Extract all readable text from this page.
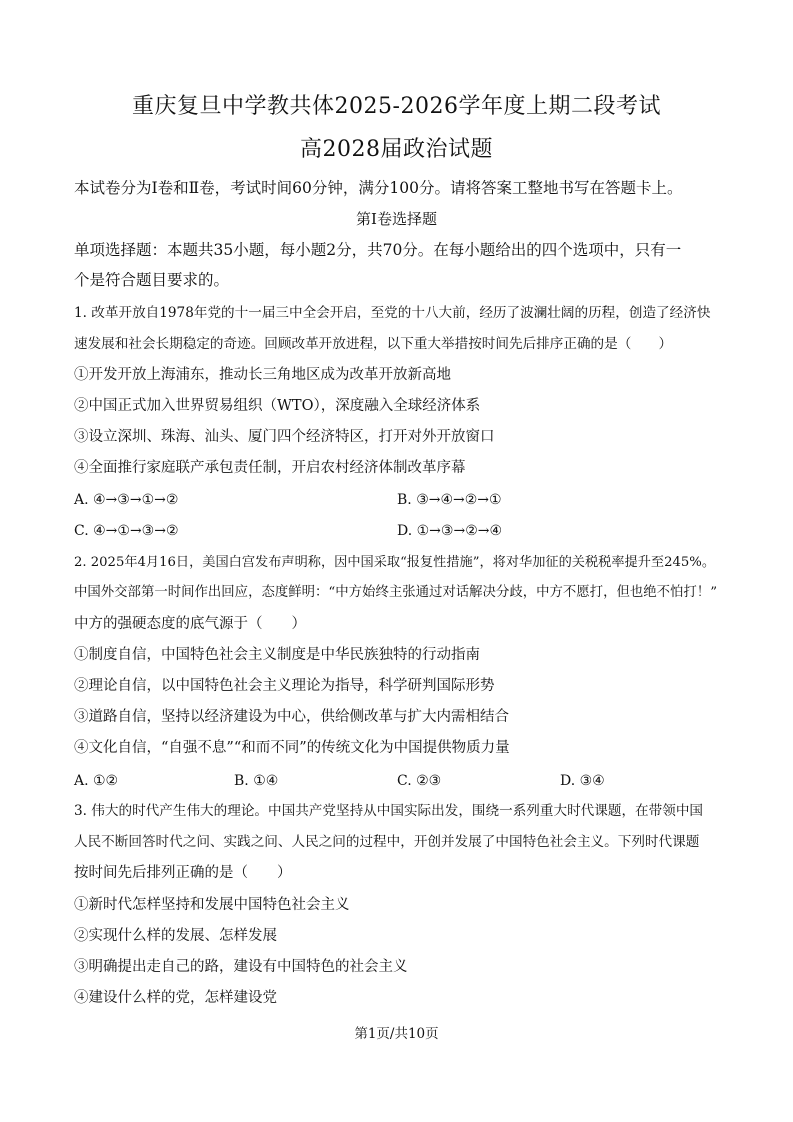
重庆复旦中学教共体2025-2026学年度上期二段考试
高2028届政治试题
本试卷分为Ⅰ卷和Ⅱ卷，考试时间60分钟，满分100分。请将答案工整地书写在答题卡上。
第Ⅰ卷选择题
单项选择题：本题共35小题，每小题2分，共70分。在每小题给出的四个选项中，只有一
个是符合题目要求的。
1. 改革开放自1978年党的十一届三中全会开启，至党的十八大前，经历了波澜壮阔的历程，创造了经济快
速发展和社会长期稳定的奇迹。回顾改革开放进程，以下重大举措按时间先后排序正确的是（　　）
①开发开放上海浦东，推动长三角地区成为改革开放新高地
②中国正式加入世界贸易组织（WTO），深度融入全球经济体系
③设立深圳、珠海、汕头、厦门四个经济特区，打开对外开放窗口
④全面推行家庭联产承包责任制，开启农村经济体制改革序幕
A. ④→③→①→②	B. ③→④→②→①
C. ④→①→③→②	D. ①→③→②→④
2. 2025年4月16日，美国白宫发布声明称，因中国采取“报复性措施”，将对华加征的关税税率提升至245%。
中国外交部第一时间作出回应，态度鲜明：“中方始终主张通过对话解决分歧，中方不愿打，但也绝不怕打！”
中方的强硬态度的底气源于（　　）
①制度自信，中国特色社会主义制度是中华民族独特的行动指南
②理论自信，以中国特色社会主义理论为指导，科学研判国际形势
③道路自信，坚持以经济建设为中心，供给侧改革与扩大内需相结合
④文化自信，“自强不息”“和而不同”的传统文化为中国提供物质力量
A. ①②	B. ①④	C. ②③	D. ③④
3. 伟大的时代产生伟大的理论。中国共产党坚持从中国实际出发，围绕一系列重大时代课题，在带领中国
人民不断回答时代之问、实践之问、人民之问的过程中，开创并发展了中国特色社会主义。下列时代课题
按时间先后排列正确的是（　　）
①新时代怎样坚持和发展中国特色社会主义
②实现什么样的发展、怎样发展
③明确提出走自己的路，建设有中国特色的社会主义
④建设什么样的党，怎样建设党
第1页/共10页
